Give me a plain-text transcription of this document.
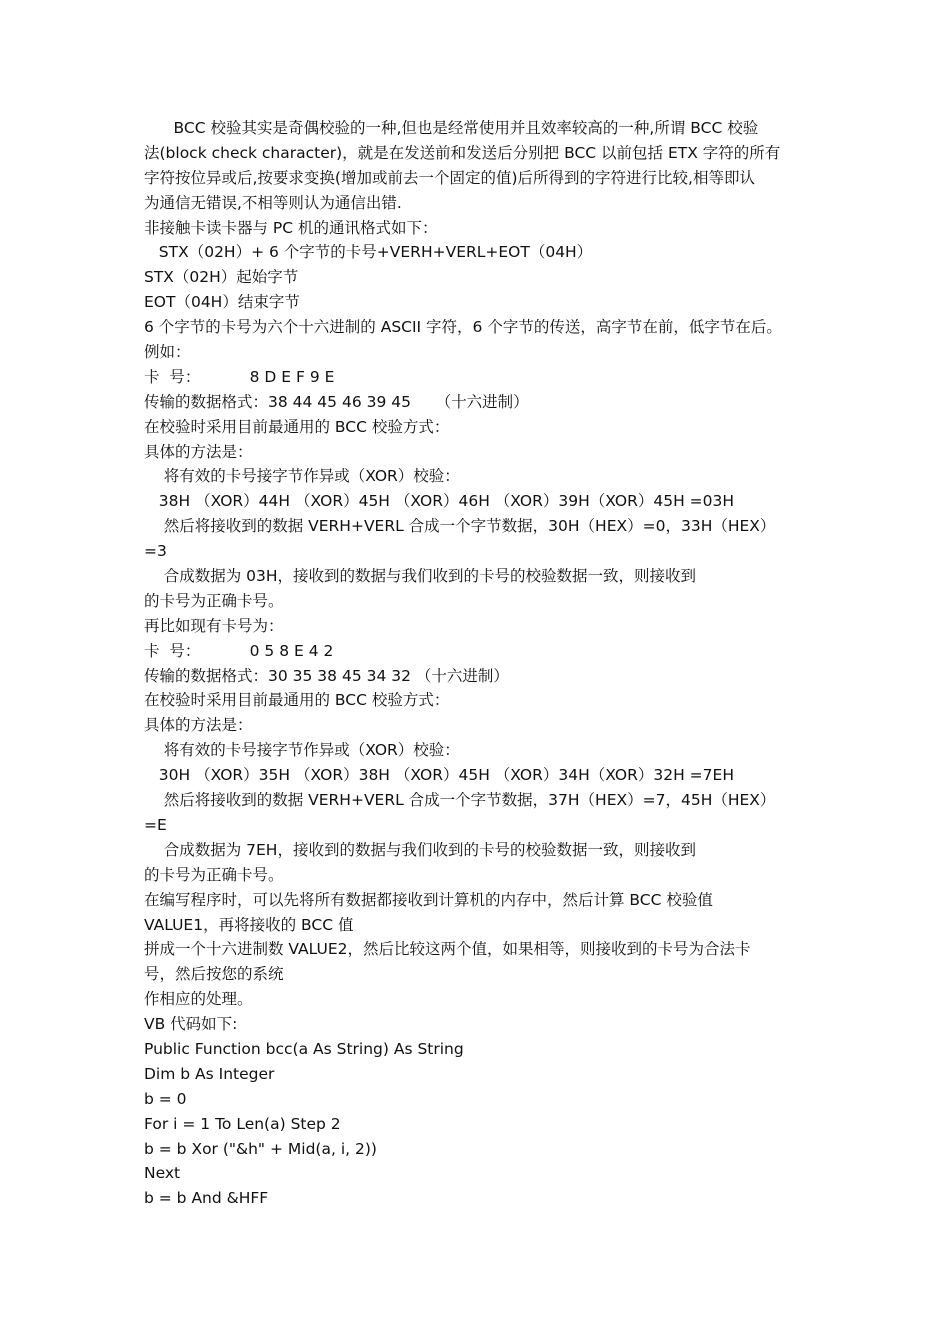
BCC 校验其实是奇偶校验的一种,但也是经常使用并且效率较高的一种,所谓 BCC 校验
法(block check character)，就是在发送前和发送后分别把 BCC 以前包括 ETX 字符的所有
字符按位异或后,按要求变换(增加或前去一个固定的值)后所得到的字符进行比较,相等即认
为通信无错误,不相等则认为通信出错.
非接触卡读卡器与 PC 机的通讯格式如下：
STX（02H）+ 6 个字节的卡号+VERH+VERL+EOT（04H）
STX（02H）起始字节
EOT（04H）结束字节
6 个字节的卡号为六个十六进制的 ASCII 字符，6 个字节的传送，高字节在前，低字节在后。
例如：
卡  号：          8 D E F 9 E
传输的数据格式：38 44 45 46 39 45     （十六进制）
在校验时采用目前最通用的 BCC 校验方式：
具体的方法是：
将有效的卡号接字节作异或（XOR）校验：
38H （XOR）44H （XOR）45H （XOR）46H （XOR）39H（XOR）45H =03H
然后将接收到的数据 VERH+VERL 合成一个字节数据，30H（HEX）=0，33H（HEX）
=3
合成数据为 03H，接收到的数据与我们收到的卡号的校验数据一致，则接收到
的卡号为正确卡号。
再比如现有卡号为：
卡  号：          0 5 8 E 4 2
传输的数据格式：30 35 38 45 34 32 （十六进制）
在校验时采用目前最通用的 BCC 校验方式：
具体的方法是：
将有效的卡号接字节作异或（XOR）校验：
30H （XOR）35H （XOR）38H （XOR）45H （XOR）34H（XOR）32H =7EH
然后将接收到的数据 VERH+VERL 合成一个字节数据，37H（HEX）=7，45H（HEX）
=E
合成数据为 7EH，接收到的数据与我们收到的卡号的校验数据一致，则接收到
的卡号为正确卡号。
在编写程序时，可以先将所有数据都接收到计算机的内存中，然后计算 BCC 校验值
VALUE1，再将接收的 BCC 值
拼成一个十六进制数 VALUE2，然后比较这两个值，如果相等，则接收到的卡号为合法卡
号，然后按您的系统
作相应的处理。
VB 代码如下:
Public Function bcc(a As String) As String
Dim b As Integer
b = 0
For i = 1 To Len(a) Step 2
b = b Xor ("&h" + Mid(a, i, 2))
Next
b = b And &HFF
